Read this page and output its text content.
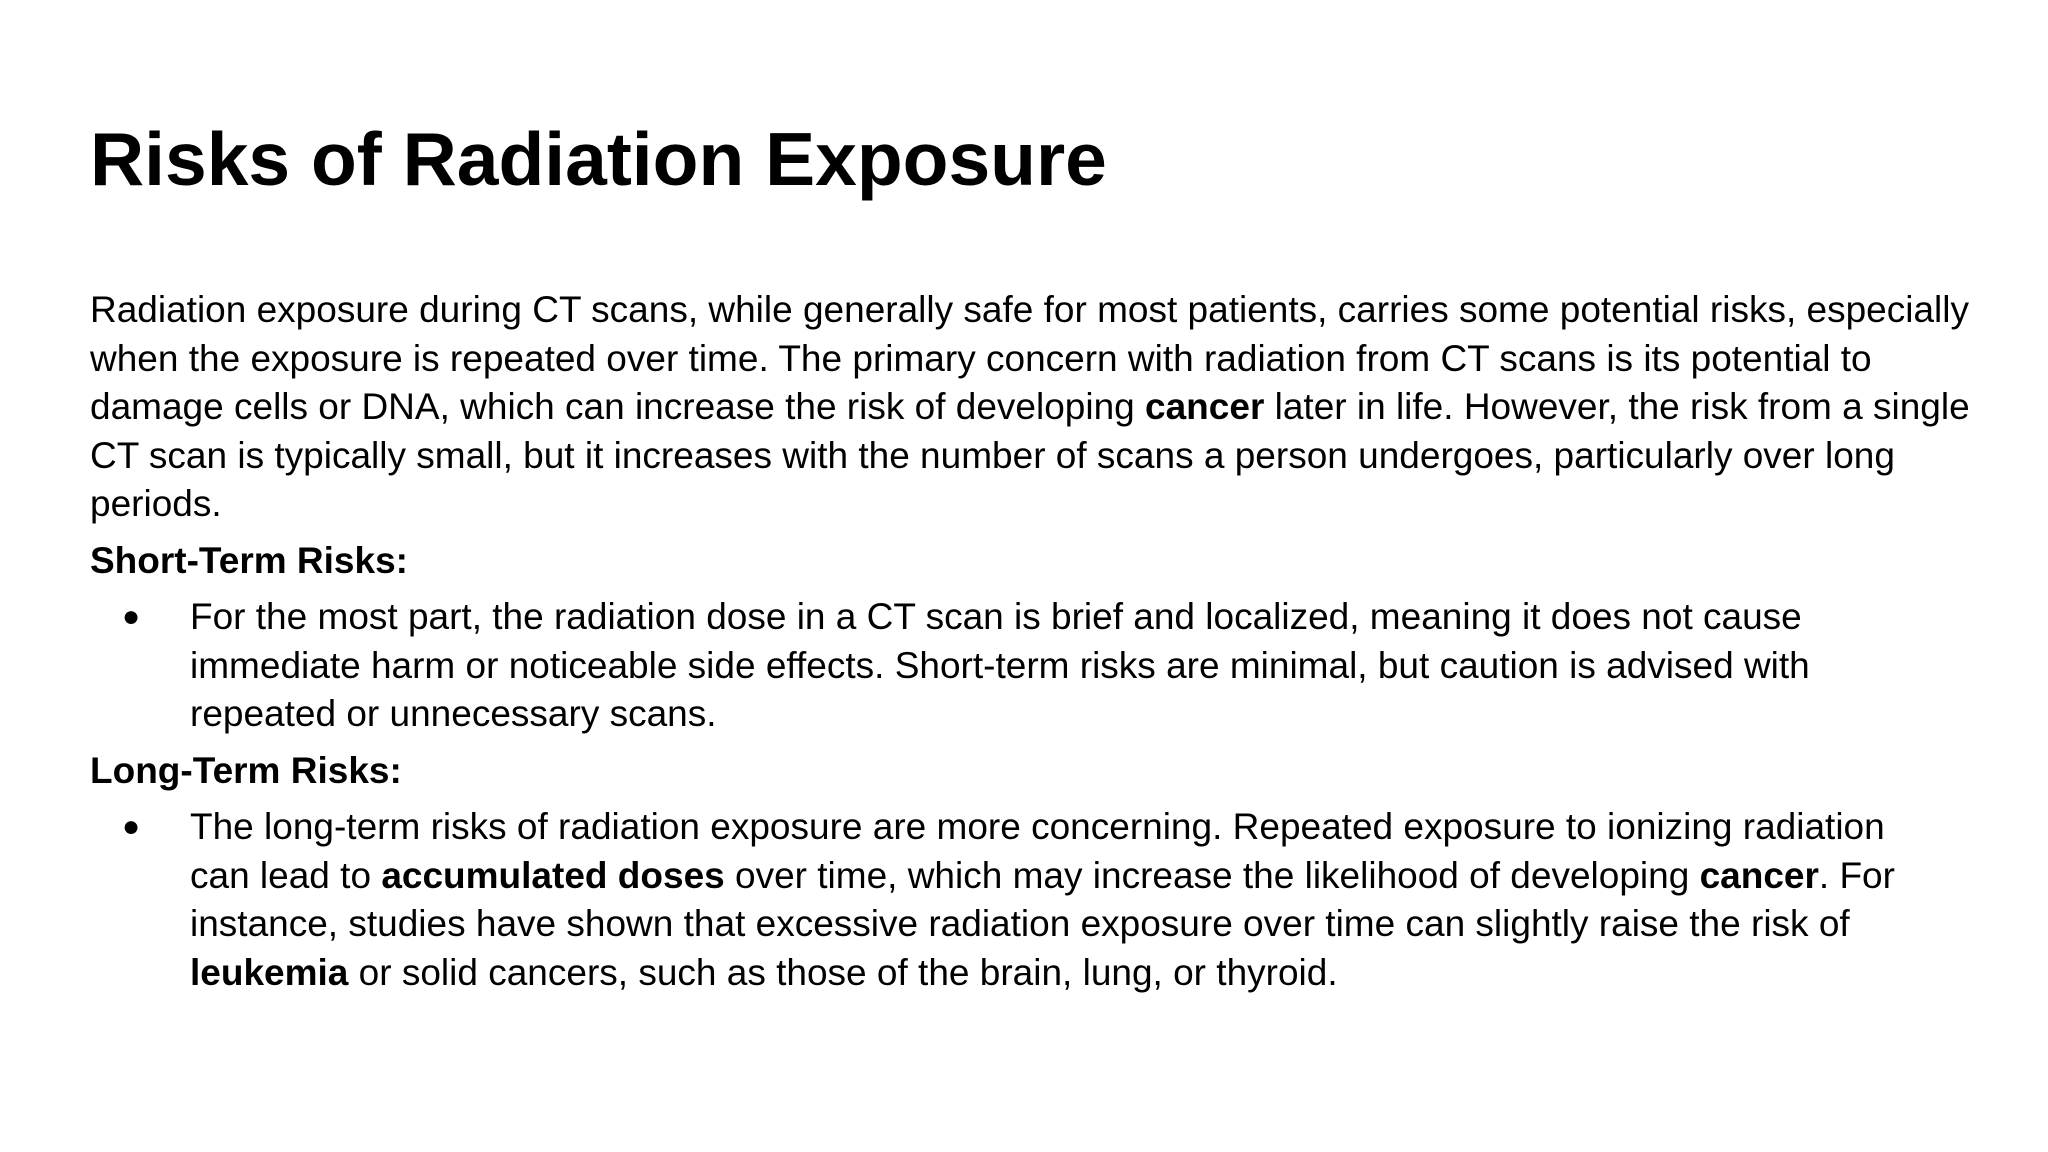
Risks of Radiation Exposure

Radiation exposure during CT scans, while generally safe for most patients, carries some potential risks, especially when the exposure is repeated over time. The primary concern with radiation from CT scans is its potential to damage cells or DNA, which can increase the risk of developing cancer later in life. However, the risk from a single CT scan is typically small, but it increases with the number of scans a person undergoes, particularly over long periods.

Short-Term Risks:

● For the most part, the radiation dose in a CT scan is brief and localized, meaning it does not cause immediate harm or noticeable side effects. Short-term risks are minimal, but caution is advised with repeated or unnecessary scans.

Long-Term Risks:

● The long-term risks of radiation exposure are more concerning. Repeated exposure to ionizing radiation can lead to accumulated doses over time, which may increase the likelihood of developing cancer. For instance, studies have shown that excessive radiation exposure over time can slightly raise the risk of leukemia or solid cancers, such as those of the brain, lung, or thyroid.
